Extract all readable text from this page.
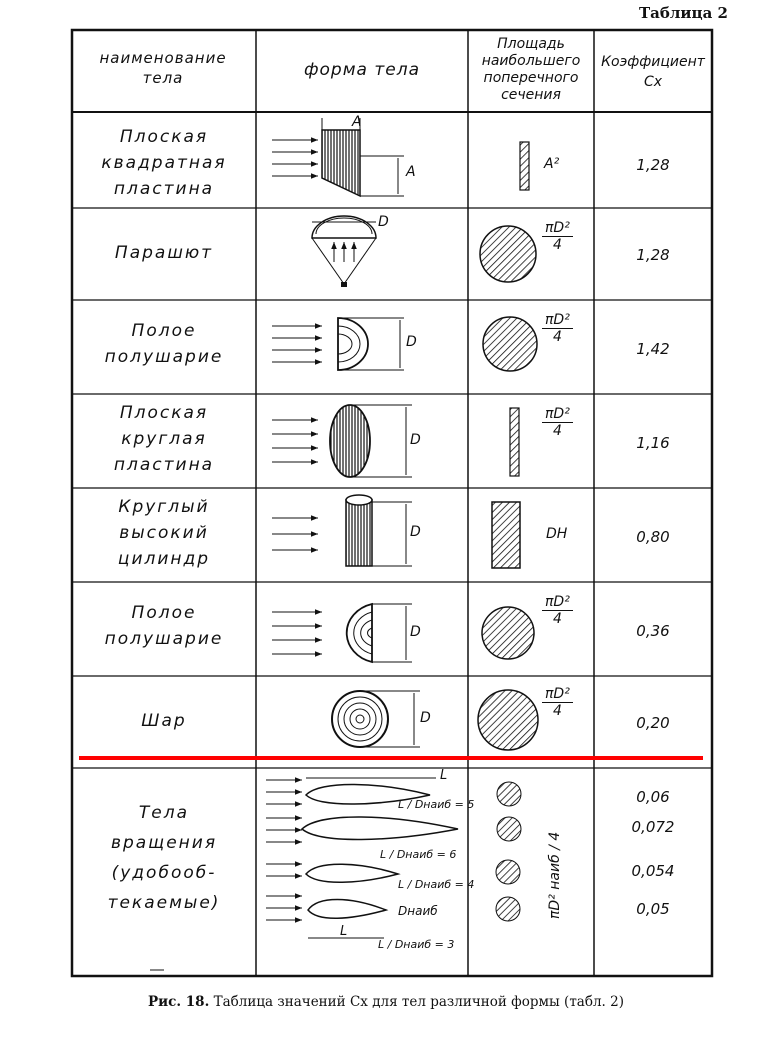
Таблица 2
наименование тела	форма тела
Площадь наибольшего поперечного сечения
Коэффициент Cx
Плоская
квадратная
пластина
Парашют
Полое
полушарие
Плоская
круглая
пластина
Круглый
высокий
цилиндр
Полое
полушарие
Шар
Тела
вращения
(удобооб-
текаемые)
A
A
D
D
D
D
D
D
L
L / Dнаиб = 5
L / Dнаиб = 6
L / Dнаиб = 4
Dнаиб
L
L / Dнаиб = 3
πD² наиб / 4
A²
$\frac{\text{πD²}}{4}$
$\frac{\text{πD²}}{4}$
$\frac{\text{πD²}}{4}$
DH
$\frac{\text{πD²}}{4}$
$\frac{\text{πD²}}{4}$
1,28
1,28
1,42
1,16
0,80
0,36
0,20
0,06
0,072
0,054
0,05
Рис. 18. Таблица значений Cx для тел различной формы (табл. 2)
